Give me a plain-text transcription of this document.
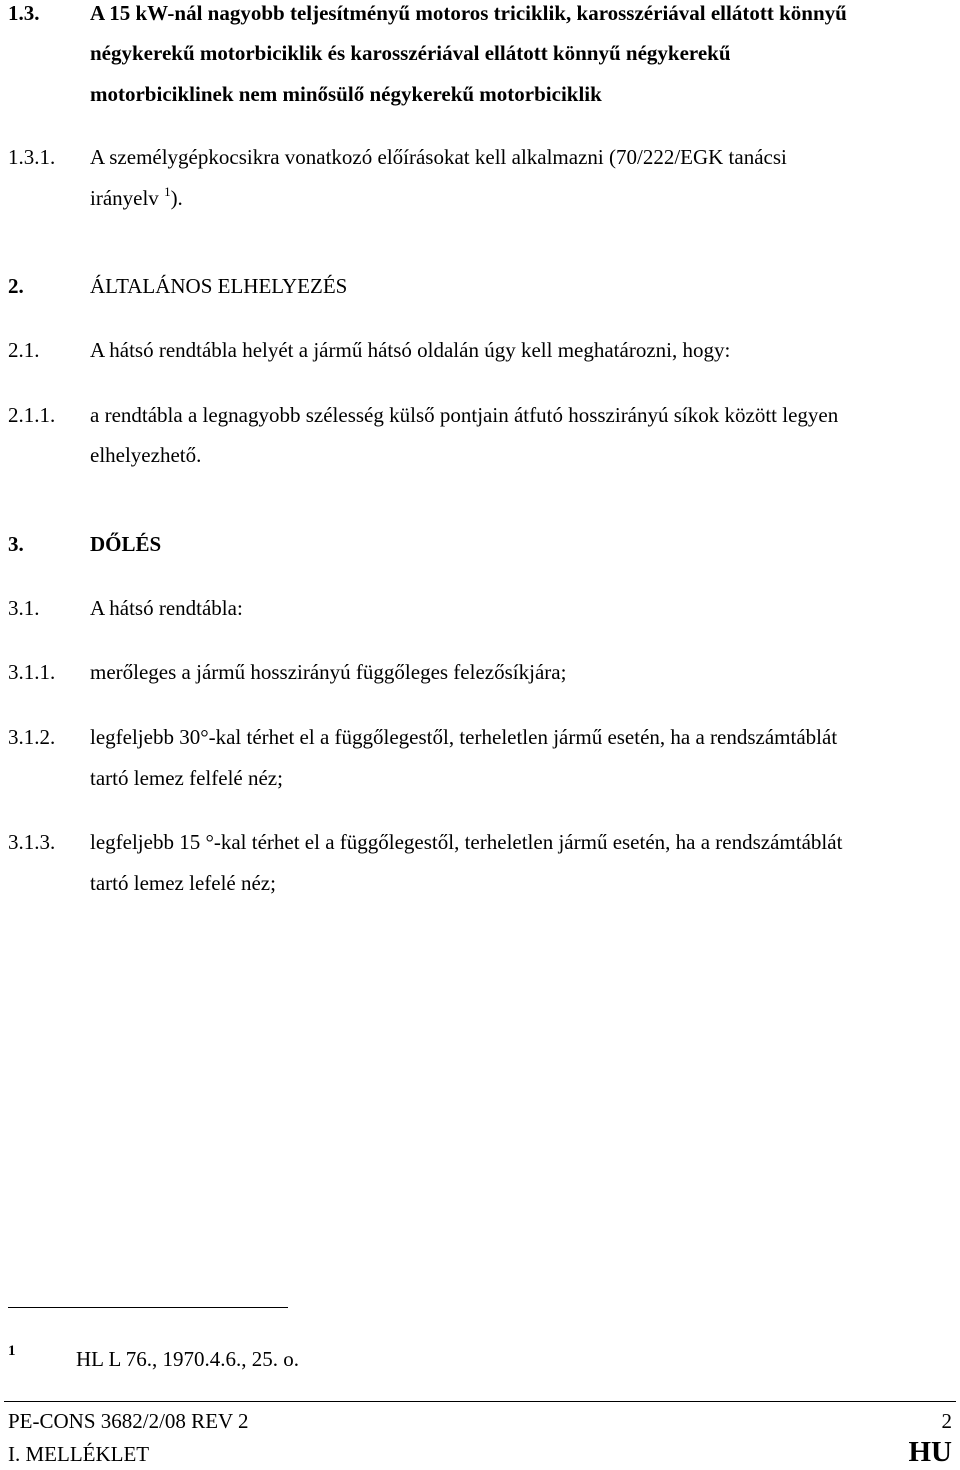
1.3. A 15 kW-nál nagyobb teljesítményű motoros triciklik, karosszériával ellátott könnyű
négykerekű motorbiciklik és karosszériával ellátott könnyű négykerekű
motorbiciklinek nem minősülő négykerekű motorbiciklik
1.3.1. A személygépkocsikra vonatkozó előírásokat kell alkalmazni (70/222/EGK tanácsi
irányelv $^1$).
2.	ÁLTALÁNOS ELHELYEZÉS
2.1. A hátsó rendtábla helyét a jármű hátsó oldalán úgy kell meghatározni, hogy:
2.1.1. a rendtábla a legnagyobb szélesség külső pontjain átfutó hosszirányú síkok között legyen
elhelyezhető.
3.	DŐLÉS
3.1. A hátsó rendtábla:
3.1.1. merőleges a jármű hosszirányú függőleges felezősíkjára;
3.1.2. legfeljebb 30°-kal térhet el a függőlegestől, terheletlen jármű esetén, ha a rendszámtáblát
tartó lemez felfelé néz;
3.1.3. legfeljebb 15 °-kal térhet el a függőlegestől, terheletlen jármű esetén, ha a rendszámtáblát
tartó lemez lefelé néz;
1	HL L 76., 1970.4.6., 25. o.
PE-CONS 3682/2/08 REV 2	2
I. MELLÉKLET	HU
